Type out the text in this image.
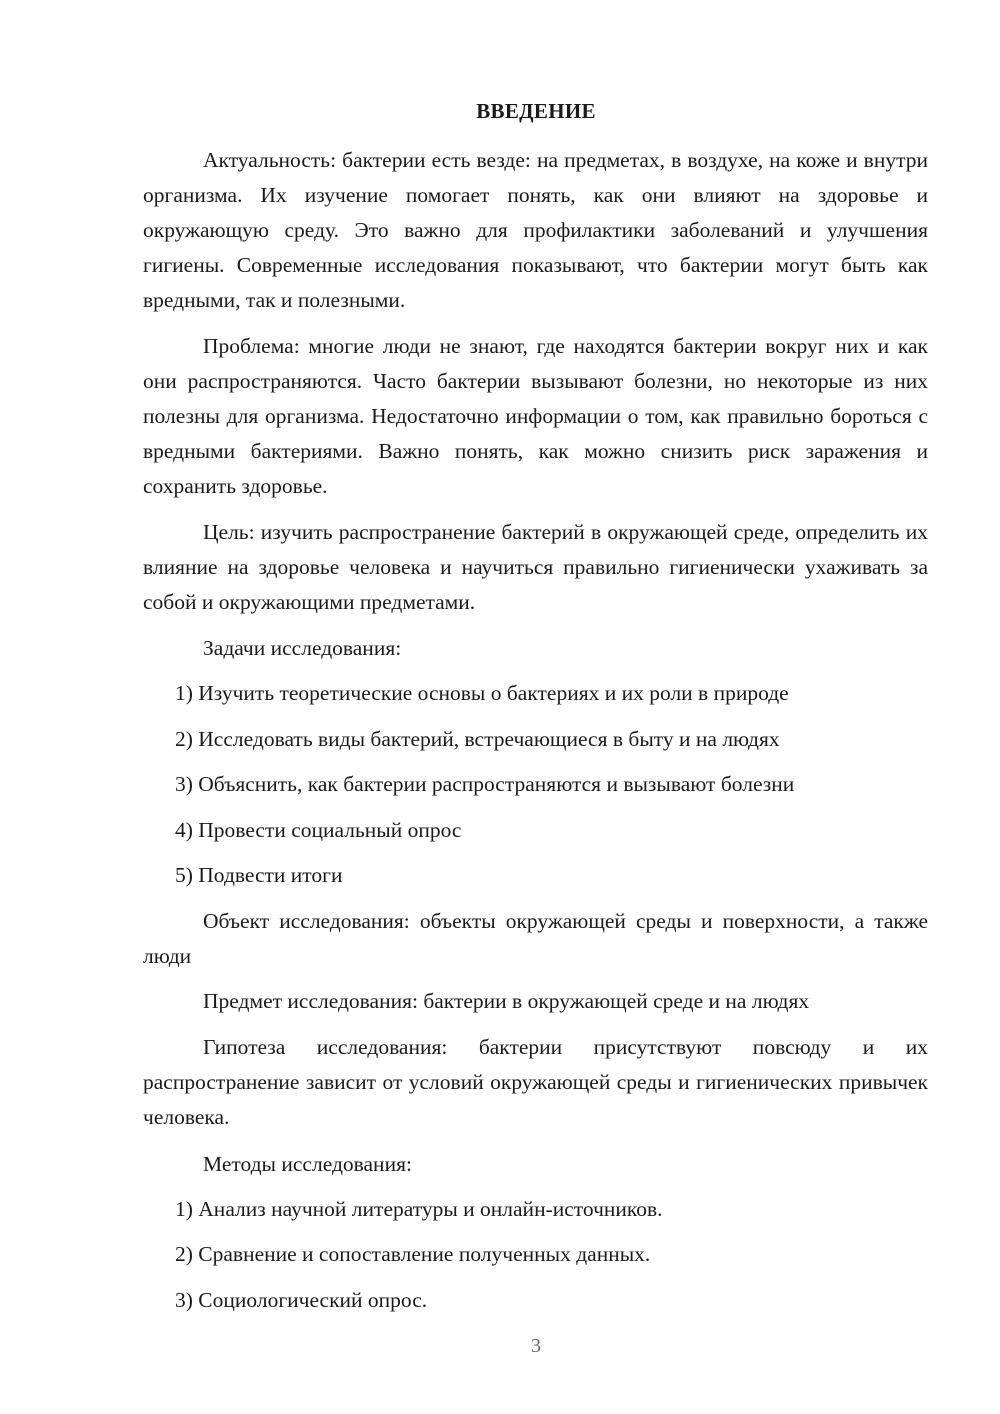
ВВЕДЕНИЕ

Актуальность: бактерии есть везде: на предметах, в воздухе, на коже и внутри организма. Их изучение помогает понять, как они влияют на здоровье и окружающую среду. Это важно для профилактики заболеваний и улучшения гигиены. Современные исследования показывают, что бактерии могут быть как вредными, так и полезными.

Проблема: многие люди не знают, где находятся бактерии вокруг них и как они распространяются. Часто бактерии вызывают болезни, но некоторые из них полезны для организма. Недостаточно информации о том, как правильно бороться с вредными бактериями. Важно понять, как можно снизить риск заражения и сохранить здоровье.

Цель: изучить распространение бактерий в окружающей среде, определить их влияние на здоровье человека и научиться правильно гигиенически ухаживать за собой и окружающими предметами.

Задачи исследования:
1) Изучить теоретические основы о бактериях и их роли в природе
2) Исследовать виды бактерий, встречающиеся в быту и на людях
3) Объяснить, как бактерии распространяются и вызывают болезни
4) Провести социальный опрос
5) Подвести итоги

Объект исследования: объекты окружающей среды и поверхности, а также люди

Предмет исследования: бактерии в окружающей среде и на людях

Гипотеза исследования: бактерии присутствуют повсюду и их распространение зависит от условий окружающей среды и гигиенических привычек человека.

Методы исследования:
1) Анализ научной литературы и онлайн-источников.
2) Сравнение и сопоставление полученных данных.
3) Социологический опрос.
3
